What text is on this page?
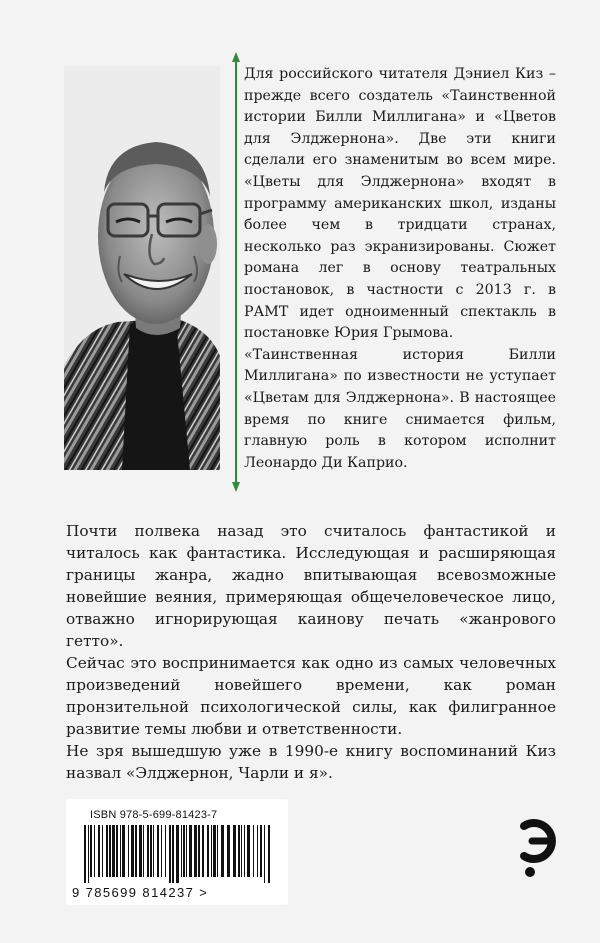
Для российского читателя Дэниел Киз – прежде всего создатель «Таинственной истории Билли Миллигана» и «Цветов для Элджернона». Две эти книги сделали его знаменитым во всем мире. «Цветы для Элджернона» входят в программу американских школ, изданы более чем в тридцати странах, несколько раз экранизированы. Сюжет романа лег в основу театральных постановок, в частности с 2013 г. в РАМТ идет одноименный спектакль в постановке Юрия Грымова.

«Таинственная история Билли Миллигана» по известности не уступает «Цветам для Элджернона». В настоящее время по книге снимается фильм, главную роль в котором исполнит Леонардо Ди Каприо.

Почти полвека назад это считалось фантастикой и читалось как фантастика. Исследующая и расширяющая границы жанра, жадно впитывающая всевозможные новейшие веяния, примеряющая общечеловеческое лицо, отважно игнорирующая каинову печать «жанрового гетто».

Сейчас это воспринимается как одно из самых человечных произведений новейшего времени, как роман пронзительной психологической силы, как филигранное развитие темы любви и ответственности.

Не зря вышедшую уже в 1990-е книгу воспоминаний Киз назвал «Элджернон, Чарли и я».

ISBN 978-5-699-81423-7
9 785699 814237 >
